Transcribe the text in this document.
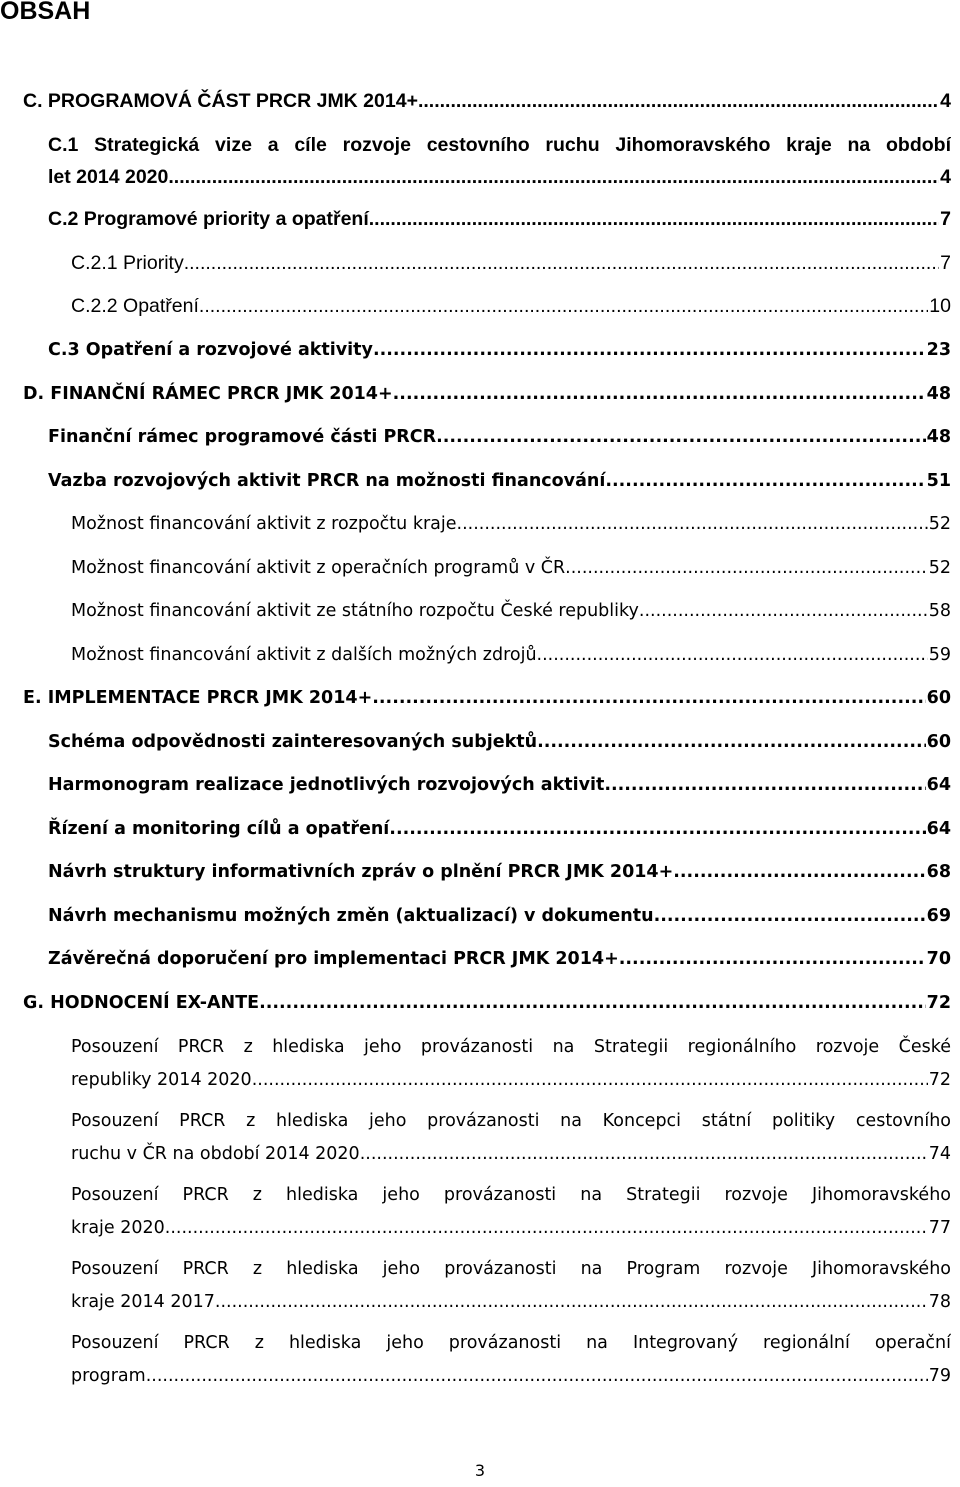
OBSAH
C. PROGRAMOVÁ ČÁST PRCR JMK 2014+ .....	4
C.1 Strategická vize a cíle rozvoje cestovního ruchu Jihomoravského kraje na období
let 2014 2020 .....	4
C.2 Programové priority a opatření .....	7
C.2.1 Priority .....	7
C.2.2 Opatření .....	10
C.3 Opatření a rozvojové aktivity .....	23
D. FINANČNÍ RÁMEC PRCR JMK 2014+ .....	48
Finanční rámec programové části PRCR .....	48
Vazba rozvojových aktivit PRCR na možnosti financování .....	51
Možnost financování aktivit z rozpočtu kraje .....	52
Možnost financování aktivit z operačních programů v ČR .....	52
Možnost financování aktivit ze státního rozpočtu České republiky .....	58
Možnost financování aktivit z dalších možných zdrojů .....	59
E. IMPLEMENTACE PRCR JMK 2014+ .....	60
Schéma odpovědnosti zainteresovaných subjektů .....	60
Harmonogram realizace jednotlivých rozvojových aktivit .....	64
Řízení a monitoring cílů a opatření .....	64
Návrh struktury informativních zpráv o plnění PRCR JMK 2014+ .....	68
Návrh mechanismu možných změn (aktualizací) v dokumentu .....	69
Závěrečná doporučení pro implementaci PRCR JMK 2014+ .....	70
G. HODNOCENÍ EX-ANTE .....	72
Posouzení PRCR z hlediska jeho provázanosti na Strategii regionálního rozvoje České
republiky 2014 2020 .....	72
Posouzení PRCR z hlediska jeho provázanosti na Koncepci státní politiky cestovního
ruchu v ČR na období 2014 2020 .....	74
Posouzení PRCR z hlediska jeho provázanosti na Strategii rozvoje Jihomoravského
kraje 2020 .....	77
Posouzení PRCR z hlediska jeho provázanosti na Program rozvoje Jihomoravského
kraje 2014 2017 .....	78
Posouzení PRCR z hlediska jeho provázanosti na Integrovaný regionální operační
program .....	79
3
